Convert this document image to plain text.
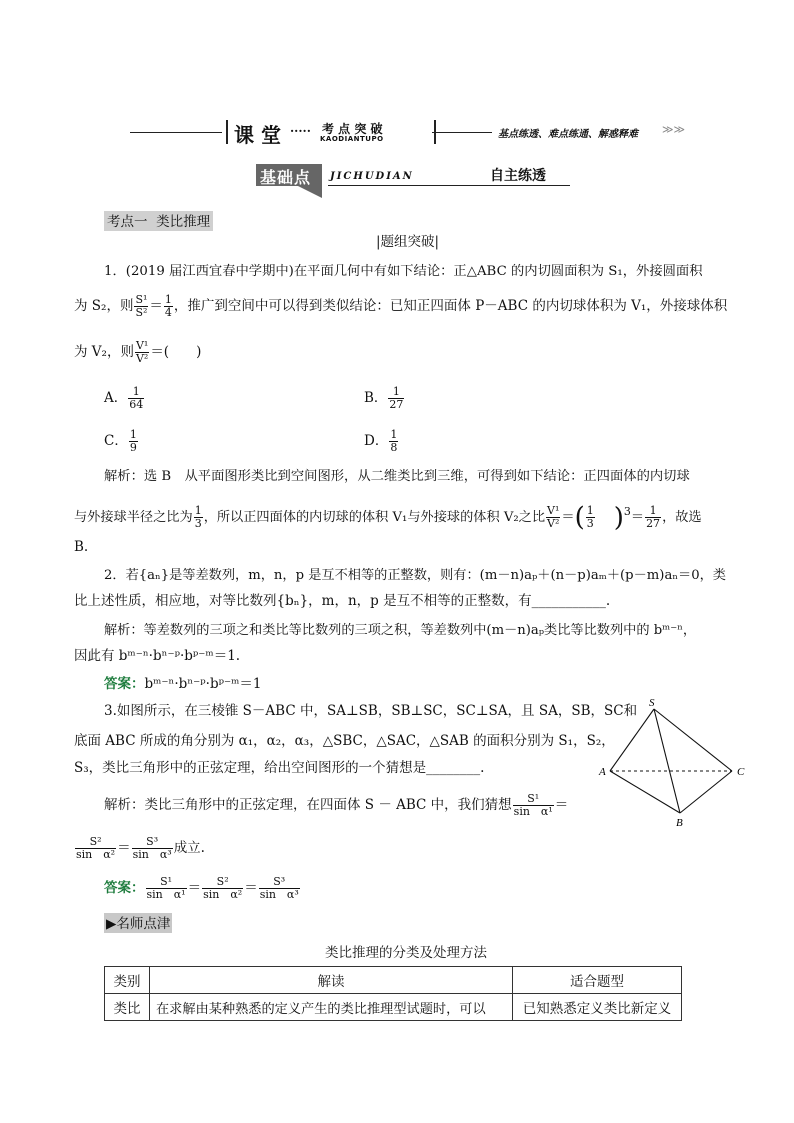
课 堂 ····· 考 点 突 破
KAODIANTUPO	基点练透、难点练通、解惑释难 ≫≫
基础点 JICHUDIAN	自主练透
考点一  类比推理
|题组突破|
1．(2019 届江西宜春中学期中)在平面几何中有如下结论：正△ABC 的内切圆面积为 S₁，外接圆面积
为 S₂，则 $\frac{\text{S¹}}{\text{S²}} = \frac{1}{4}$ ，推广到空间中可以得到类似结论：已知正四面体 P－ABC 的内切球体积为 V₁，外接球体积
为 V₂，则 $\frac{\text{V¹}}{\text{V²}}$ ＝(　　)
A． $\frac{1}{64}$	B． $\frac{1}{27}$
C． $\frac{1}{9}$	D． $\frac{1}{8}$
解析：选 B　从平面图形类比到空间图形，从二维类比到三维，可得到如下结论：正四面体的内切球
与外接球半径之比为 $\frac{1}{3}$ ，所以正四面体的内切球的体积 V₁与外接球的体积 V₂之比 $\frac{\text{V¹}}{\text{V²}}$ ＝( $\frac{1}{3} )^3= \frac{1}{27}$ ，故选
B.
2．若{aₙ}是等差数列，m，n，p 是互不相等的正整数，则有：(m－n)aₚ＋(n－p)aₘ＋(p－m)aₙ＝0，类
比上述性质，相应地，对等比数列{bₙ}，m，n，p 是互不相等的正整数，有___________.
解析：等差数列的三项之和类比等比数列的三项之积，等差数列中(m－n)aₚ类比等比数列中的 bᵐ⁻ⁿ，
因此有 bᵐ⁻ⁿ·bⁿ⁻ᵖ·bᵖ⁻ᵐ＝1.
答案：bᵐ⁻ⁿ·bⁿ⁻ᵖ·bᵖ⁻ᵐ＝1
3.如图所示，在三棱锥 S－ABC 中，SA⊥SB，SB⊥SC，SC⊥SA，且 SA，SB，SC和
底面 ABC 所成的角分别为 α₁，α₂，α₃，△SBC，△SAC，△SAB 的面积分别为 S₁，S₂，
S₃，类比三角形中的正弦定理，给出空间图形的一个猜想是________.
解析：类比三角形中的正弦定理，在四面体 S － ABC 中，我们猜想 $\frac{\text{S¹}}{\text{sin　α¹}}$ ＝
$\frac{\text{S²}}{\text{sin　α²}} = \frac{\text{S³}}{\text{sin　α³}}$ 成立.
答案： $\frac{\text{S¹}}{\text{sin　α¹}} = \frac{\text{S²}}{\text{sin　α²}} = \frac{\text{S³}}{\text{sin　α³}}$
S
A
B
C
▶名师点津
类比推理的分类及处理方法
类别	解读	适合题型
类比	在求解由某种熟悉的定义产生的类比推理型试题时，可以	已知熟悉定义类比新定义
